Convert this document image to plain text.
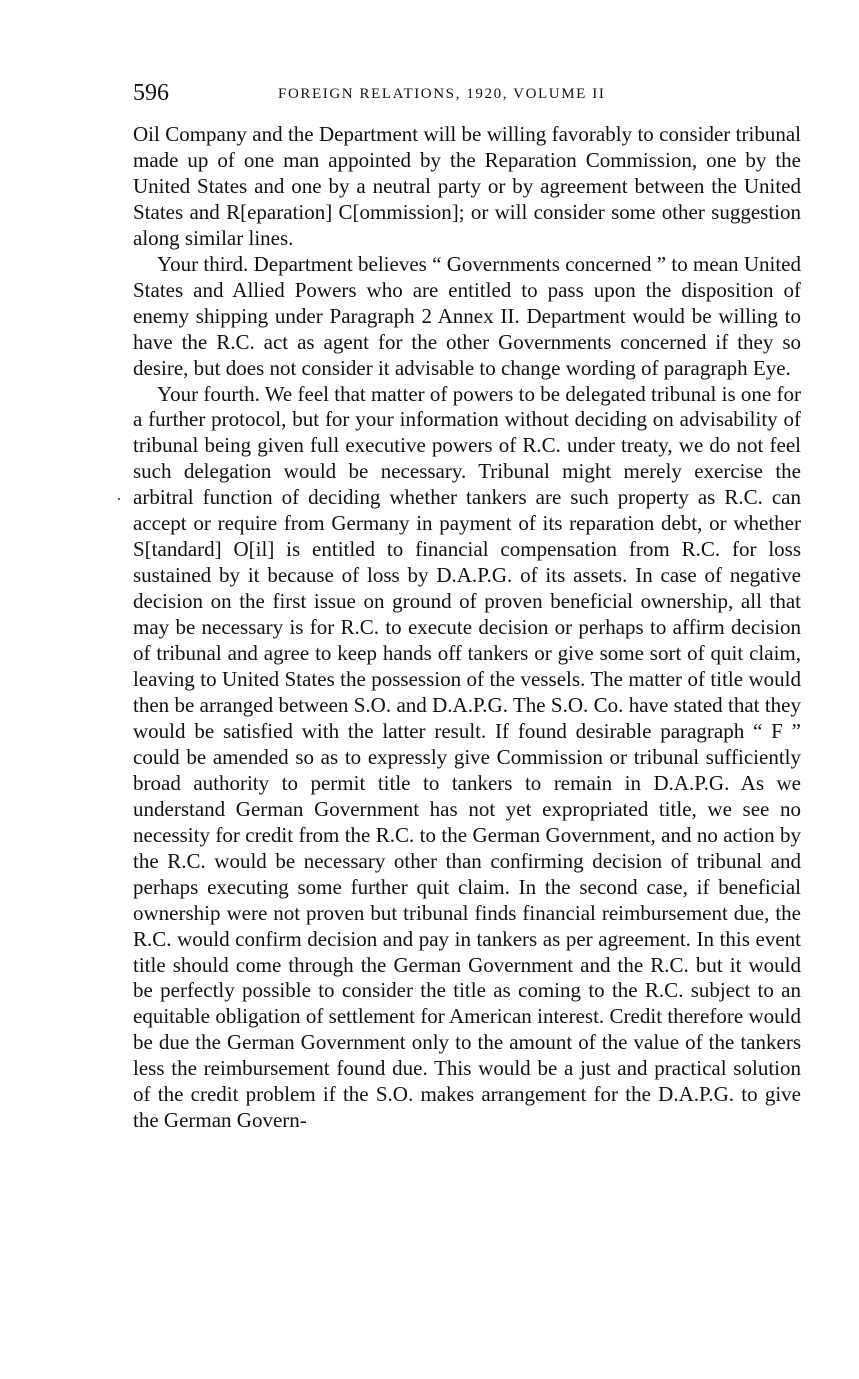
596	FOREIGN RELATIONS, 1920, VOLUME II
·

Oil Company and the Department will be willing favorably to consider tribunal made up of one man appointed by the Reparation Commission, one by the United States and one by a neutral party or by agreement between the United States and R[eparation] C[ommission]; or will consider some other suggestion along similar lines.

Your third. Department believes “ Governments concerned ” to mean United States and Allied Powers who are entitled to pass upon the disposition of enemy shipping under Paragraph 2 Annex II. Department would be willing to have the R.C. act as agent for the other Governments concerned if they so desire, but does not consider it advisable to change wording of paragraph Eye.

Your fourth. We feel that matter of powers to be delegated tribunal is one for a further protocol, but for your information without deciding on advisability of tribunal being given full executive powers of R.C. under treaty, we do not feel such delegation would be necessary. Tribunal might merely exercise the arbitral function of deciding whether tankers are such property as R.C. can accept or require from Germany in payment of its reparation debt, or whether S[tandard] O[il] is entitled to financial compensation from R.C. for loss sustained by it because of loss by D.A.P.G. of its assets. In case of negative decision on the first issue on ground of proven beneficial ownership, all that may be necessary is for R.C. to execute decision or perhaps to affirm decision of tribunal and agree to keep hands off tankers or give some sort of quit claim, leaving to United States the possession of the vessels. The matter of title would then be arranged between S.O. and D.A.P.G. The S.O. Co. have stated that they would be satisfied with the latter result. If found desirable paragraph “ F ” could be amended so as to expressly give Commission or tribunal sufficiently broad authority to permit title to tankers to remain in D.A.P.G. As we understand German Government has not yet expropriated title, we see no necessity for credit from the R.C. to the German Government, and no action by the R.C. would be necessary other than confirming decision of tribunal and perhaps executing some further quit claim. In the second case, if beneficial ownership were not proven but tribunal finds financial reimbursement due, the R.C. would confirm decision and pay in tankers as per agreement. In this event title should come through the German Government and the R.C. but it would be perfectly possible to consider the title as coming to the R.C. subject to an equitable obligation of settlement for American interest. Credit therefore would be due the German Government only to the amount of the value of the tankers less the reimbursement found due. This would be a just and practical solution of the credit problem if the S.O. makes arrangement for the D.A.P.G. to give the German Govern-
